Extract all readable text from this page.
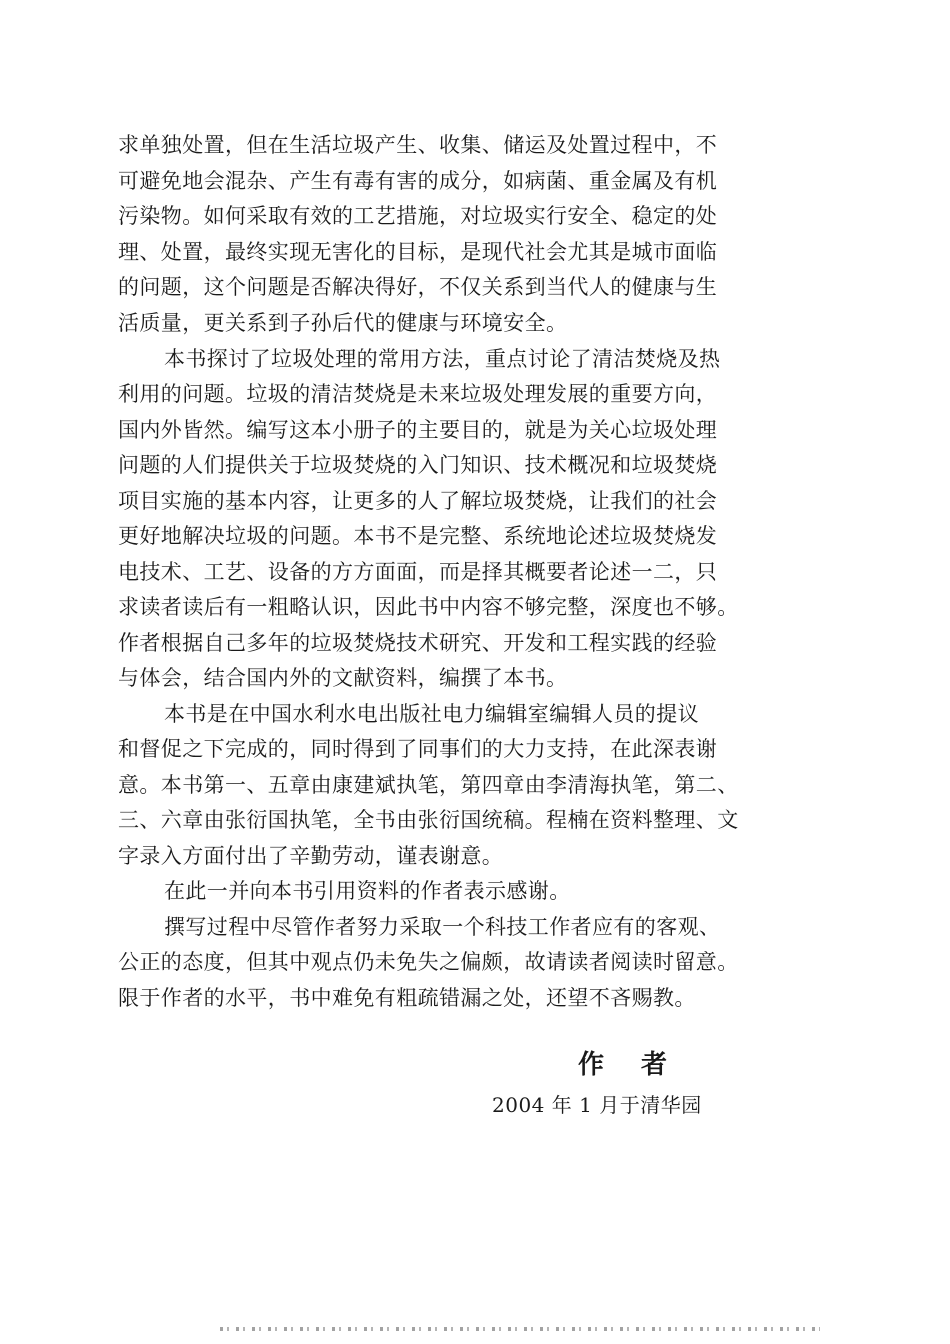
求单独处置，但在生活垃圾产生、收集、储运及处置过程中，不
可避免地会混杂、产生有毒有害的成分，如病菌、重金属及有机
污染物。如何采取有效的工艺措施，对垃圾实行安全、稳定的处
理、处置，最终实现无害化的目标，是现代社会尤其是城市面临
的问题，这个问题是否解决得好，不仅关系到当代人的健康与生
活质量，更关系到子孙后代的健康与环境安全。
本书探讨了垃圾处理的常用方法，重点讨论了清洁焚烧及热
利用的问题。垃圾的清洁焚烧是未来垃圾处理发展的重要方向，
国内外皆然。编写这本小册子的主要目的，就是为关心垃圾处理
问题的人们提供关于垃圾焚烧的入门知识、技术概况和垃圾焚烧
项目实施的基本内容，让更多的人了解垃圾焚烧，让我们的社会
更好地解决垃圾的问题。本书不是完整、系统地论述垃圾焚烧发
电技术、工艺、设备的方方面面，而是择其概要者论述一二，只
求读者读后有一粗略认识，因此书中内容不够完整，深度也不够。
作者根据自己多年的垃圾焚烧技术研究、开发和工程实践的经验
与体会，结合国内外的文献资料，编撰了本书。
本书是在中国水利水电出版社电力编辑室编辑人员的提议
和督促之下完成的，同时得到了同事们的大力支持，在此深表谢
意。本书第一、五章由康建斌执笔，第四章由李清海执笔，第二、
三、六章由张衍国执笔，全书由张衍国统稿。程楠在资料整理、文
字录入方面付出了辛勤劳动，谨表谢意。
在此一并向本书引用资料的作者表示感谢。
撰写过程中尽管作者努力采取一个科技工作者应有的客观、
公正的态度，但其中观点仍未免失之偏颇，故请读者阅读时留意。
限于作者的水平，书中难免有粗疏错漏之处，还望不吝赐教。
作 者
2004 年 1 月于清华园
